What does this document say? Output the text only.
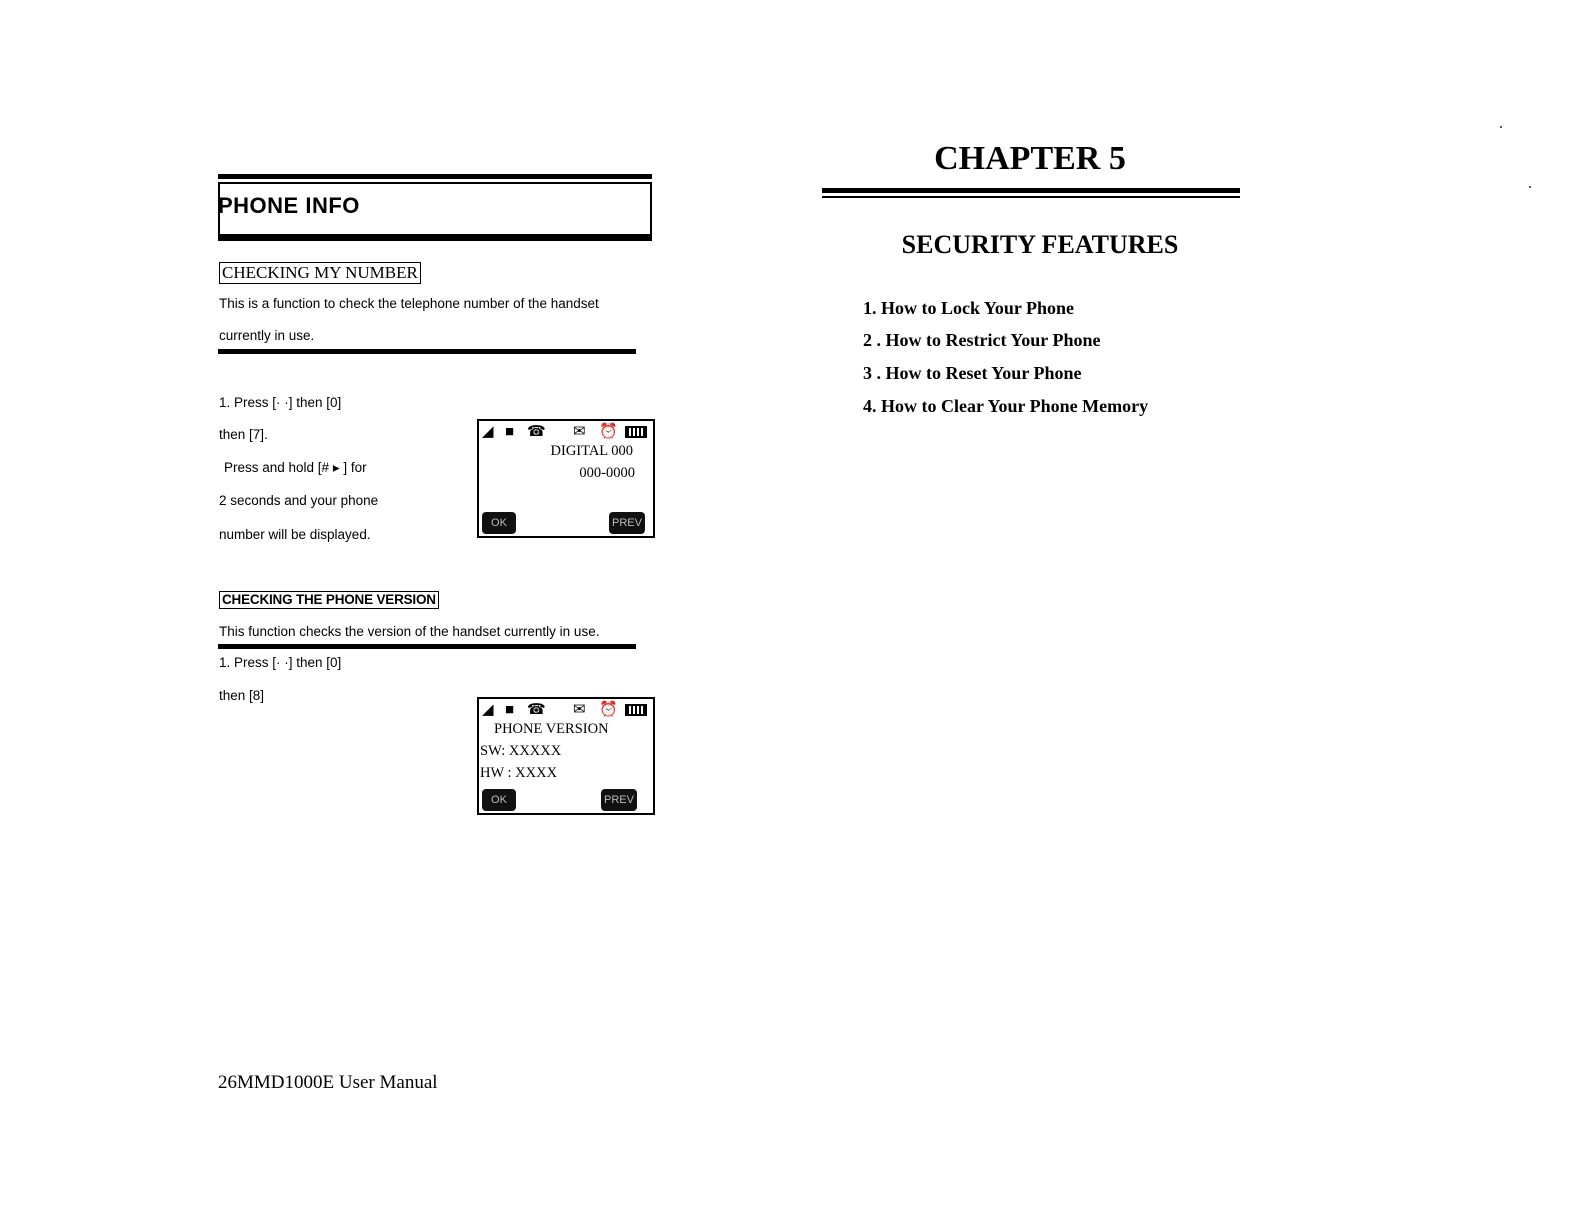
PHONE INFO
CHECKING MY NUMBER
This is a function to check the telephone number of the handset
currently in use.
1. Press [· ·] then [0]
then [7].
Press and hold [# ▸ ] for
2 seconds and your phone
number will be displayed.
◢ ■ ☎ ✉ ⏰
DIGITAL 000
000-0000
OK	PREV
CHECKING THE PHONE VERSION
This function checks the version of the handset currently in use.
1. Press [· ·] then [0]
then [8]
◢ ■ ☎ ✉ ⏰
PHONE VERSION
SW: XXXXX
HW : XXXX
OK	PREV
26MMD1000E User Manual
CHAPTER 5
SECURITY FEATURES
1. How to Lock Your Phone
2 . How to Restrict Your Phone
3 . How to Reset Your Phone
4. How to Clear Your Phone Memory
